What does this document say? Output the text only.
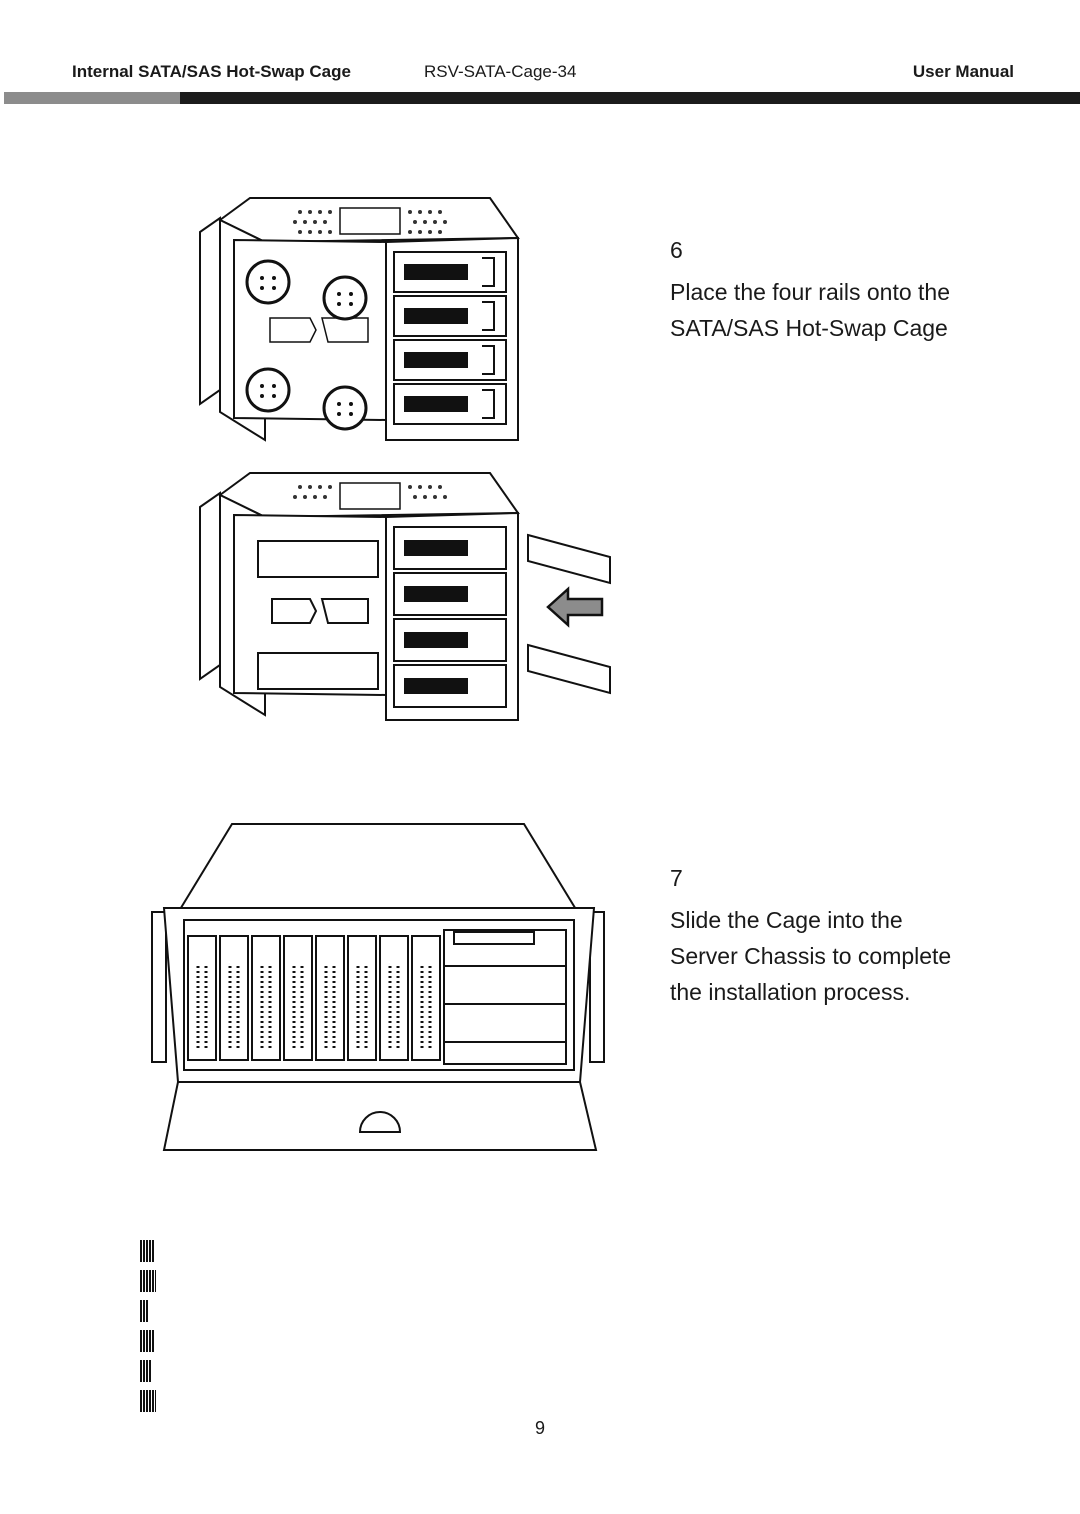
Internal SATA/SAS Hot-Swap Cage	RSV-SATA-Cage-34	User Manual
6
Place the four rails onto the
SATA/SAS Hot-Swap Cage
7
Slide the Cage into the
Server Chassis to complete
the installation process.
9
